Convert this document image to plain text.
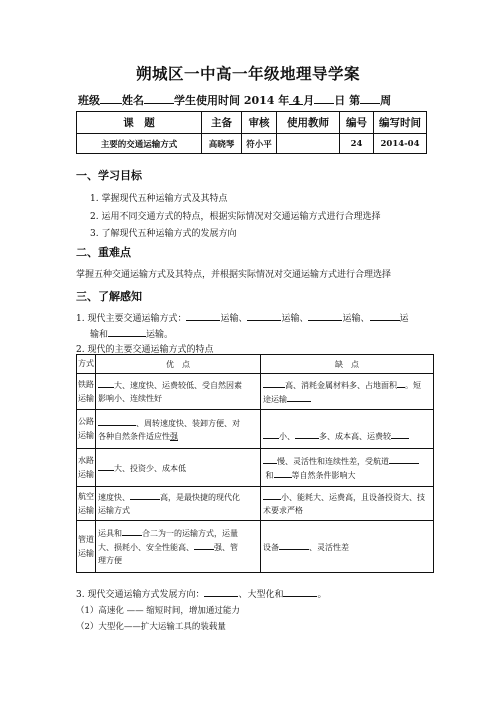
朔城区一中高一年级地理导学案
班级 姓名	学生使用时间 2014 年 4 月 日 第 周
课　题	主备	审核	使用教师	编号	编写时间
主要的交通运输方式	高晓琴	符小平		24	2014-04
一、学习目标
1. 掌握现代五种运输方式及其特点
2. 运用不同交通方式的特点，根据实际情况对交通运输方式进行合理选择
3. 了解现代五种运输方式的发展方向
二、重难点
掌握五种交通运输方式及其特点，并根据实际情况对交通运输方式进行合理选择
三、了解感知
1. 现代主要交通运输方式：	运输、	运输、	运输、	运
输和	运输。
2. 现代的主要交通运输方式的特点
方式	优　点	缺　点
铁路
运输	大、速度快、运费较低、受自然因素
影响小、连续性好	高、消耗金属材料多、占地面积 。短
途运输
公路
运输	、周转速度快、装卸方便、对
各种自然条件适应性强	小、 多、成本高、运费较
水路
运输	大、投资少、成本低	慢、灵活性和连续性差，受航道
和 等自然条件影响大
航空
运输	速度快、 高，是最快捷的现代化
运输方式	小、能耗大、运费高，且设备投资大、技
术要求严格
管道
运输	运具和 合二为一的运输方式，运量
大、损耗小、安全性能高、 强、管
理方便	设备 、灵活性差
3. 现代交通运输方式发展方向：	、大型化和	。
（1）高速化 —— 缩短时间，增加通过能力
（2）大型化——扩大运输工具的装载量
